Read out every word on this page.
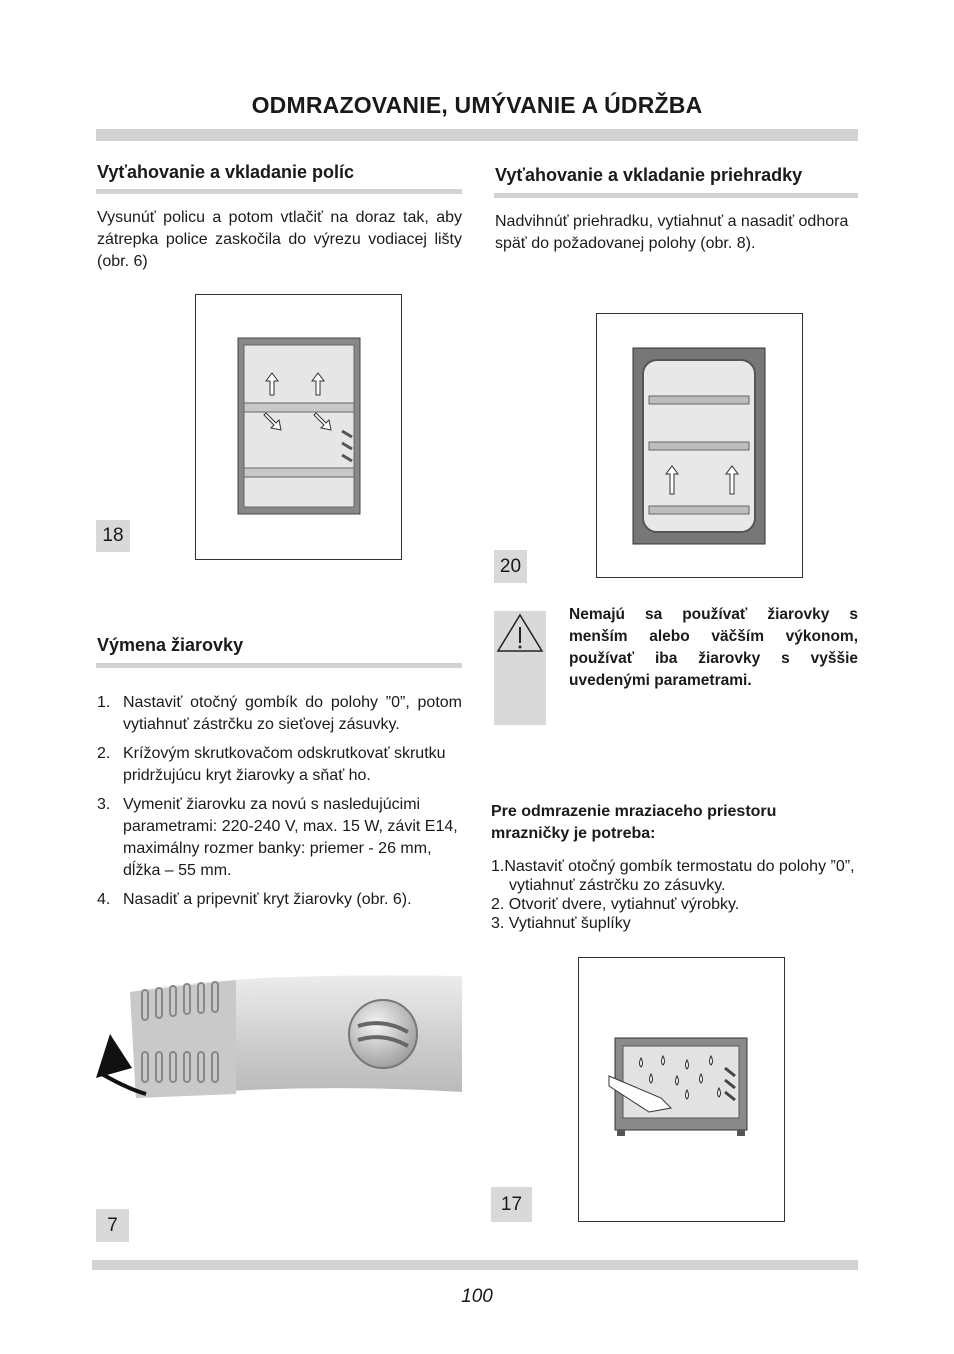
ODMRAZOVANIE, UMÝVANIE A ÚDRŽBA
Vyťahovanie a vkladanie políc
Vysunúť policu a potom vtlačiť na doraz tak, aby zátrepka police zaskočila do výrezu vodiacej lišty (obr. 6)
18
Výmena žiarovky
1. Nastaviť otočný gombík do polohy ”0”, potom vytiahnuť zástrčku zo sieťovej zásuvky.
2. Krížovým skrutkovačom odskrutkovať skrutku pridržujúcu kryt žiarovky a sňať ho.
3. Vymeniť žiarovku za novú s nasledujúcimi parametrami: 220-240 V, max. 15 W, závit E14, maximálny rozmer banky: priemer - 26 mm, dĺžka – 55 mm.
4. Nasadiť a pripevniť kryt žiarovky (obr. 6).
7
Vyťahovanie a vkladanie priehradky
Nadvihnúť priehradku, vytiahnuť a nasadiť odhora späť do požadovanej polohy (obr. 8).
20
Nemajú sa používať žiarovky s menším alebo väčším výkonom, používať iba žiarovky s vyššie uvedenými parametrami.
Pre odmrazenie mraziaceho priestoru mrazničky je potreba:
1.Nastaviť otočný gombík termostatu do polohy ”0”, vytiahnuť zástrčku zo zásuvky.
2. Otvoriť dvere, vytiahnuť výrobky.
3. Vytiahnuť šuplíky
17
100
